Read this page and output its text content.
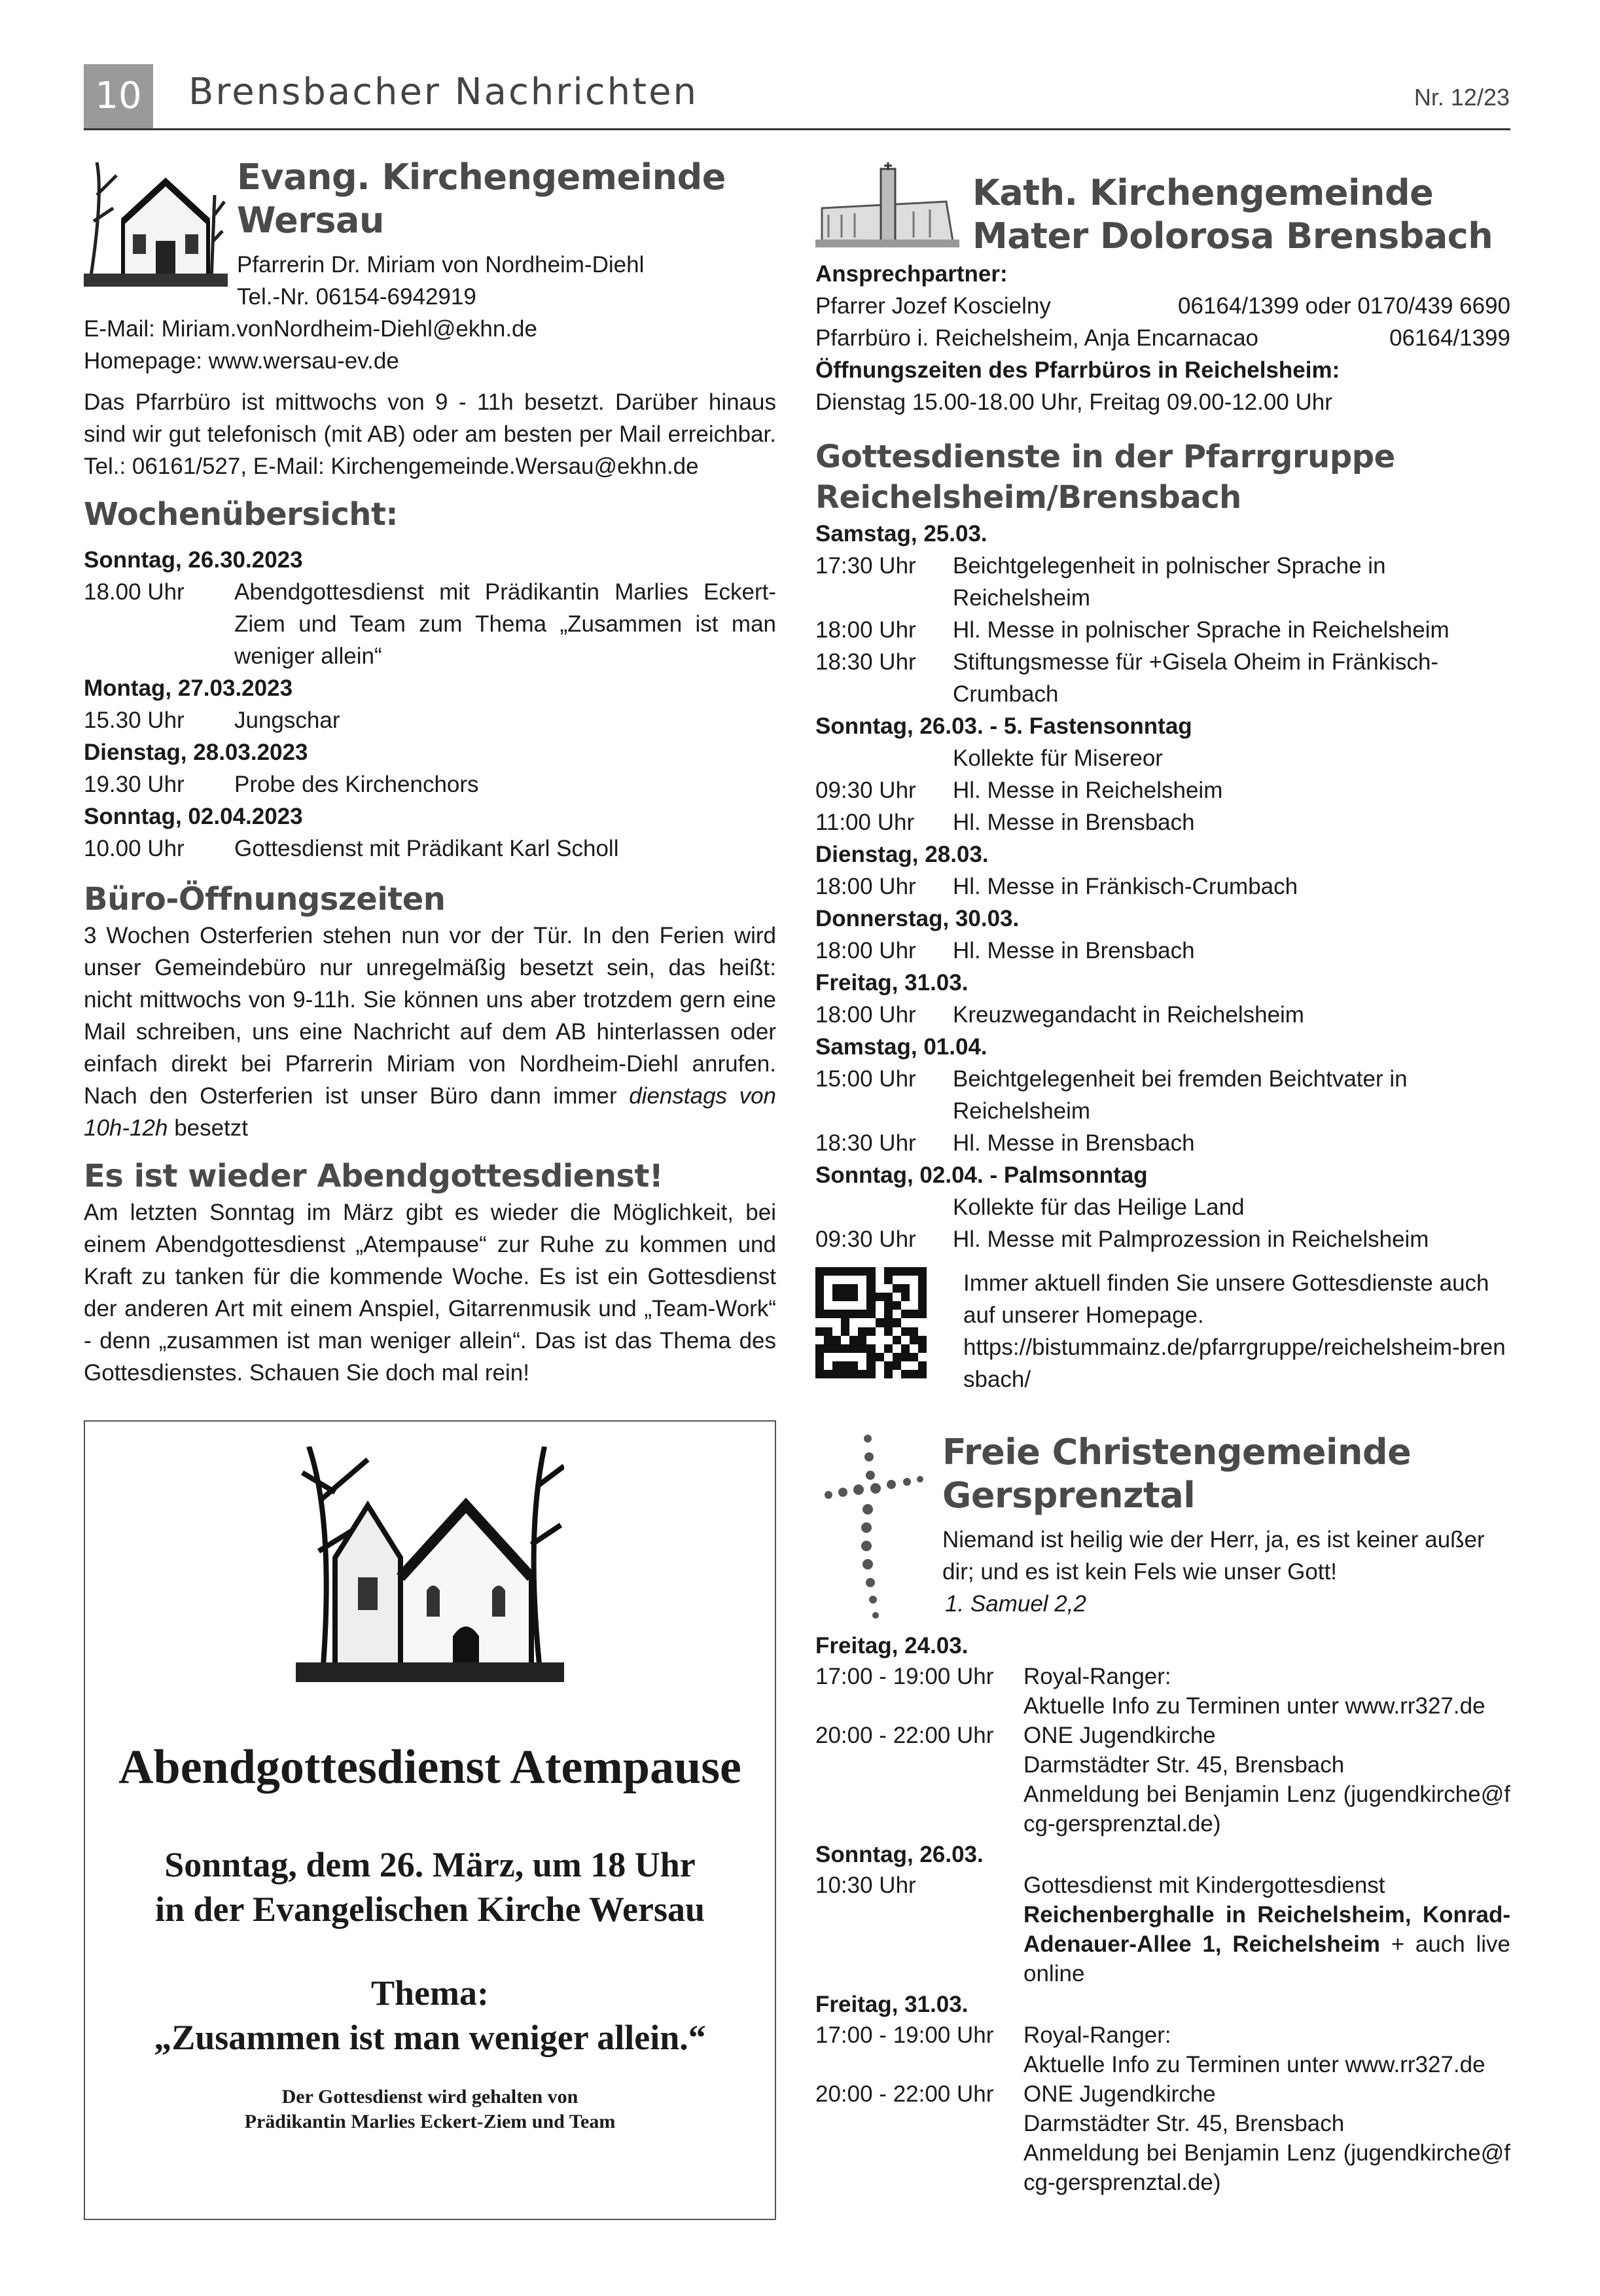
10	Brensbacher Nachrichten	Nr. 12/23
Evang. Kirchengemeinde
Wersau

Pfarrerin Dr. Miriam von Nordheim-Diehl

Tel.-Nr. 06154-6942919

E-Mail: Miriam.vonNordheim-Diehl@ekhn.de

Homepage: www.wersau-ev.de

Das Pfarrbüro ist mittwochs von 9 - 11h besetzt. Darüber hinaus sind wir gut telefonisch (mit AB) oder am besten per Mail erreichbar. Tel.: 06161/527, E-Mail: Kirchengemeinde.Wersau@ekhn.de

Wochenübersicht:

Sonntag, 26.30.2023

18.00 Uhr	Abendgottesdienst mit Prädikantin Marlies Eckert-Ziem und Team zum Thema „Zusammen ist man weniger allein“

Montag, 27.03.2023

15.30 Uhr	Jungschar

Dienstag, 28.03.2023

19.30 Uhr	Probe des Kirchenchors

Sonntag, 02.04.2023

10.00 Uhr	Gottesdienst mit Prädikant Karl Scholl
Büro-Öffnungszeiten

3 Wochen Osterferien stehen nun vor der Tür. In den Ferien wird unser Gemeindebüro nur unregelmäßig besetzt sein, das heißt: nicht mittwochs von 9-11h. Sie können uns aber trotzdem gern eine Mail schreiben, uns eine Nachricht auf dem AB hinterlassen oder einfach direkt bei Pfarrerin Miriam von Nordheim-Diehl anrufen. Nach den Osterferien ist unser Büro dann immer dienstags von 10h-12h besetzt

Es ist wieder Abendgottesdienst!

Am letzten Sonntag im März gibt es wieder die Möglichkeit, bei einem Abendgottesdienst „Atempause“ zur Ruhe zu kommen und Kraft zu tanken für die kommende Woche. Es ist ein Gottesdienst der anderen Art mit einem Anspiel, Gitarrenmusik und „Team-Work“ - denn „zusammen ist man weniger allein“. Das ist das Thema des Gottesdienstes. Schauen Sie doch mal rein!

Abendgottesdienst Atempause
Sonntag, dem 26. März, um 18 Uhr
in der Evangelischen Kirche Wersau
Thema:
„Zusammen ist man weniger allein.“
Der Gottesdienst wird gehalten von
Prädikantin Marlies Eckert-Ziem und Team
Kath. Kirchengemeinde
Mater Dolorosa Brensbach

Ansprechpartner:

Pfarrer Jozef Koscielny	06164/1399 oder 0170/439 6690
Pfarrbüro i. Reichelsheim, Anja Encarnacao	06164/1399

Öffnungszeiten des Pfarrbüros in Reichelsheim:

Dienstag 15.00-18.00 Uhr, Freitag 09.00-12.00 Uhr

Gottesdienste in der Pfarrgruppe
Reichelsheim/Brensbach

Samstag, 25.03.

17:30 Uhr	Beichtgelegenheit in polnischer Sprache in Reichelsheim
18:00 Uhr	Hl. Messe in polnischer Sprache in Reichelsheim
18:30 Uhr	Stiftungsmesse für +Gisela Oheim in Fränkisch-Crumbach

Sonntag, 26.03. - 5. Fastensonntag

Kollekte für Misereor
09:30 Uhr	Hl. Messe in Reichelsheim
11:00 Uhr	Hl. Messe in Brensbach

Dienstag, 28.03.

18:00 Uhr	Hl. Messe in Fränkisch-Crumbach

Donnerstag, 30.03.

18:00 Uhr	Hl. Messe in Brensbach

Freitag, 31.03.

18:00 Uhr	Kreuzwegandacht in Reichelsheim

Samstag, 01.04.

15:00 Uhr	Beichtgelegenheit bei fremden Beichtvater in Reichelsheim
18:30 Uhr	Hl. Messe in Brensbach

Sonntag, 02.04. - Palmsonntag

Kollekte für das Heilige Land
09:30 Uhr	Hl. Messe mit Palmprozession in Reichelsheim

Immer aktuell finden Sie unsere Gottesdienste auch auf unserer Homepage.

https://bistummainz.de/pfarrgruppe/reichelsheim-brensbach/

Freie Christengemeinde
Gersprenztal

Niemand ist heilig wie der Herr, ja, es ist keiner außer dir; und es ist kein Fels wie unser Gott!

1. Samuel 2,2

Freitag, 24.03.

17:00 - 19:00 Uhr	Royal-Ranger:
Aktuelle Info zu Terminen unter www.rr327.de
20:00 - 22:00 Uhr	ONE Jugendkirche
Darmstädter Str. 45, Brensbach
Anmeldung bei Benjamin Lenz (jugendkirche@fcg-gersprenztal.de)

Sonntag, 26.03.

10:30 Uhr	Gottesdienst mit Kindergottesdienst
Reichenberghalle in Reichelsheim, Konrad-Adenauer-Allee 1, Reichelsheim + auch live online

Freitag, 31.03.

17:00 - 19:00 Uhr	Royal-Ranger:
Aktuelle Info zu Terminen unter www.rr327.de
20:00 - 22:00 Uhr	ONE Jugendkirche
Darmstädter Str. 45, Brensbach
Anmeldung bei Benjamin Lenz (jugendkirche@fcg-gersprenztal.de)
